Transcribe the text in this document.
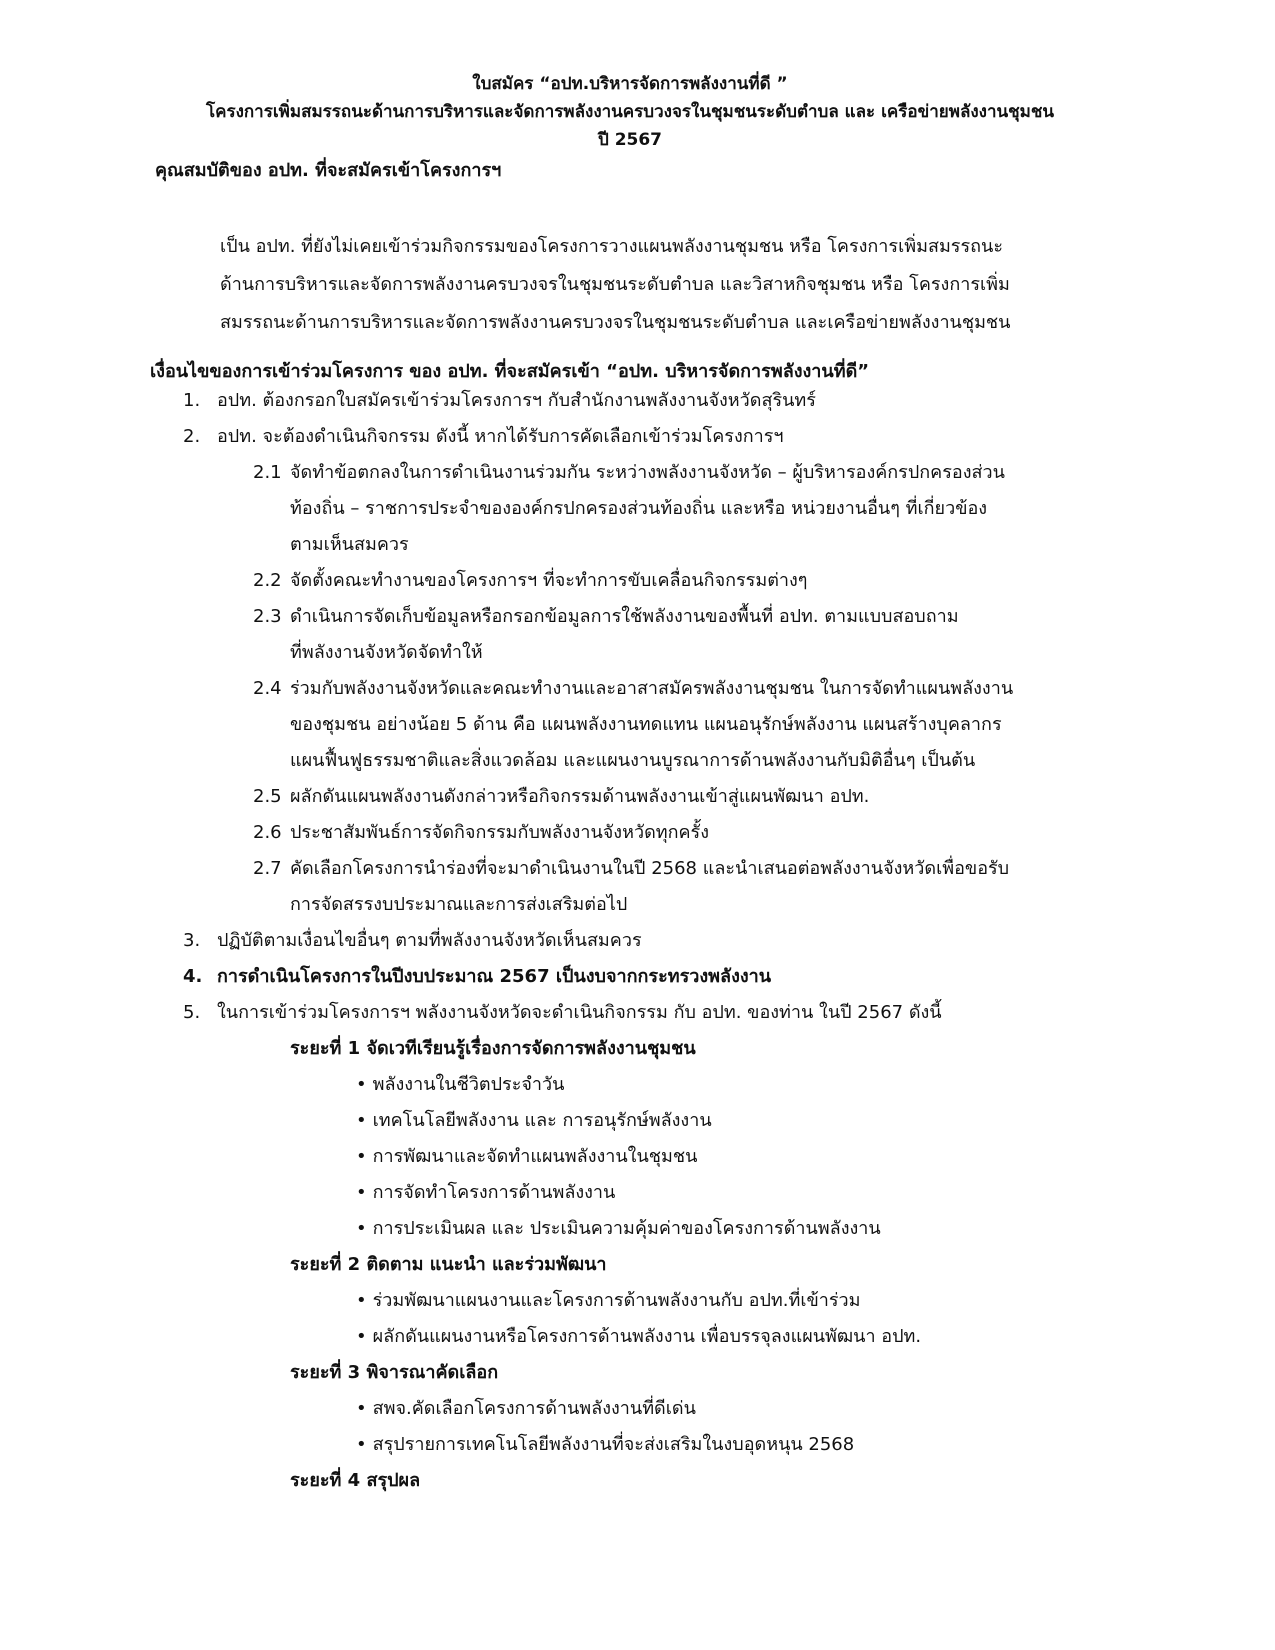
ใบสมัคร “อปท.บริหารจัดการพลังงานที่ดี ”
โครงการเพิ่มสมรรถนะด้านการบริหารและจัดการพลังงานครบวงจรในชุมชนระดับตำบล และ เครือข่ายพลังงานชุมชน
ปี 2567
คุณสมบัติของ อปท. ที่จะสมัครเข้าโครงการฯ
เป็น อปท. ที่ยังไม่เคยเข้าร่วมกิจกรรมของโครงการวางแผนพลังงานชุมชน หรือ โครงการเพิ่มสมรรถนะ
ด้านการบริหารและจัดการพลังงานครบวงจรในชุมชนระดับตำบล และวิสาหกิจชุมชน หรือ โครงการเพิ่ม
สมรรถนะด้านการบริหารและจัดการพลังงานครบวงจรในชุมชนระดับตำบล และเครือข่ายพลังงานชุมชน
เงื่อนไขของการเข้าร่วมโครงการ ของ อปท. ที่จะสมัครเข้า “อปท. บริหารจัดการพลังงานที่ดี”
1. อปท. ต้องกรอกใบสมัครเข้าร่วมโครงการฯ กับสำนักงานพลังงานจังหวัดสุรินทร์
2. อปท. จะต้องดำเนินกิจกรรม ดังนี้ หากได้รับการคัดเลือกเข้าร่วมโครงการฯ
2.1 จัดทำข้อตกลงในการดำเนินงานร่วมกัน ระหว่างพลังงานจังหวัด – ผู้บริหารองค์กรปกครองส่วน
ท้องถิ่น – ราชการประจำขององค์กรปกครองส่วนท้องถิ่น และหรือ หน่วยงานอื่นๆ ที่เกี่ยวข้อง
ตามเห็นสมควร
2.2 จัดตั้งคณะทำงานของโครงการฯ ที่จะทำการขับเคลื่อนกิจกรรมต่างๆ
2.3 ดำเนินการจัดเก็บข้อมูลหรือกรอกข้อมูลการใช้พลังงานของพื้นที่ อปท. ตามแบบสอบถาม
ที่พลังงานจังหวัดจัดทำให้
2.4 ร่วมกับพลังงานจังหวัดและคณะทำงานและอาสาสมัครพลังงานชุมชน ในการจัดทำแผนพลังงาน
ของชุมชน อย่างน้อย 5 ด้าน คือ แผนพลังงานทดแทน แผนอนุรักษ์พลังงาน แผนสร้างบุคลากร
แผนฟื้นฟูธรรมชาติและสิ่งแวดล้อม และแผนงานบูรณาการด้านพลังงานกับมิติอื่นๆ เป็นต้น
2.5 ผลักดันแผนพลังงานดังกล่าวหรือกิจกรรมด้านพลังงานเข้าสู่แผนพัฒนา อปท.
2.6 ประชาสัมพันธ์การจัดกิจกรรมกับพลังงานจังหวัดทุกครั้ง
2.7 คัดเลือกโครงการนำร่องที่จะมาดำเนินงานในปี 2568 และนำเสนอต่อพลังงานจังหวัดเพื่อขอรับ
การจัดสรรงบประมาณและการส่งเสริมต่อไป
3. ปฏิบัติตามเงื่อนไขอื่นๆ ตามที่พลังงานจังหวัดเห็นสมควร
4. การดำเนินโครงการในปีงบประมาณ 2567 เป็นงบจากกระทรวงพลังงาน
5. ในการเข้าร่วมโครงการฯ พลังงานจังหวัดจะดำเนินกิจกรรม กับ อปท. ของท่าน ในปี 2567 ดังนี้
ระยะที่ 1 จัดเวทีเรียนรู้เรื่องการจัดการพลังงานชุมชน
• พลังงานในชีวิตประจำวัน
• เทคโนโลยีพลังงาน และ การอนุรักษ์พลังงาน
• การพัฒนาและจัดทำแผนพลังงานในชุมชน
• การจัดทำโครงการด้านพลังงาน
• การประเมินผล และ ประเมินความคุ้มค่าของโครงการด้านพลังงาน
ระยะที่ 2 ติดตาม แนะนำ และร่วมพัฒนา
• ร่วมพัฒนาแผนงานและโครงการด้านพลังงานกับ อปท.ที่เข้าร่วม
• ผลักดันแผนงานหรือโครงการด้านพลังงาน เพื่อบรรจุลงแผนพัฒนา อปท.
ระยะที่ 3 พิจารณาคัดเลือก
• สพจ.คัดเลือกโครงการด้านพลังงานที่ดีเด่น
• สรุปรายการเทคโนโลยีพลังงานที่จะส่งเสริมในงบอุดหนุน 2568
ระยะที่ 4 สรุปผล
